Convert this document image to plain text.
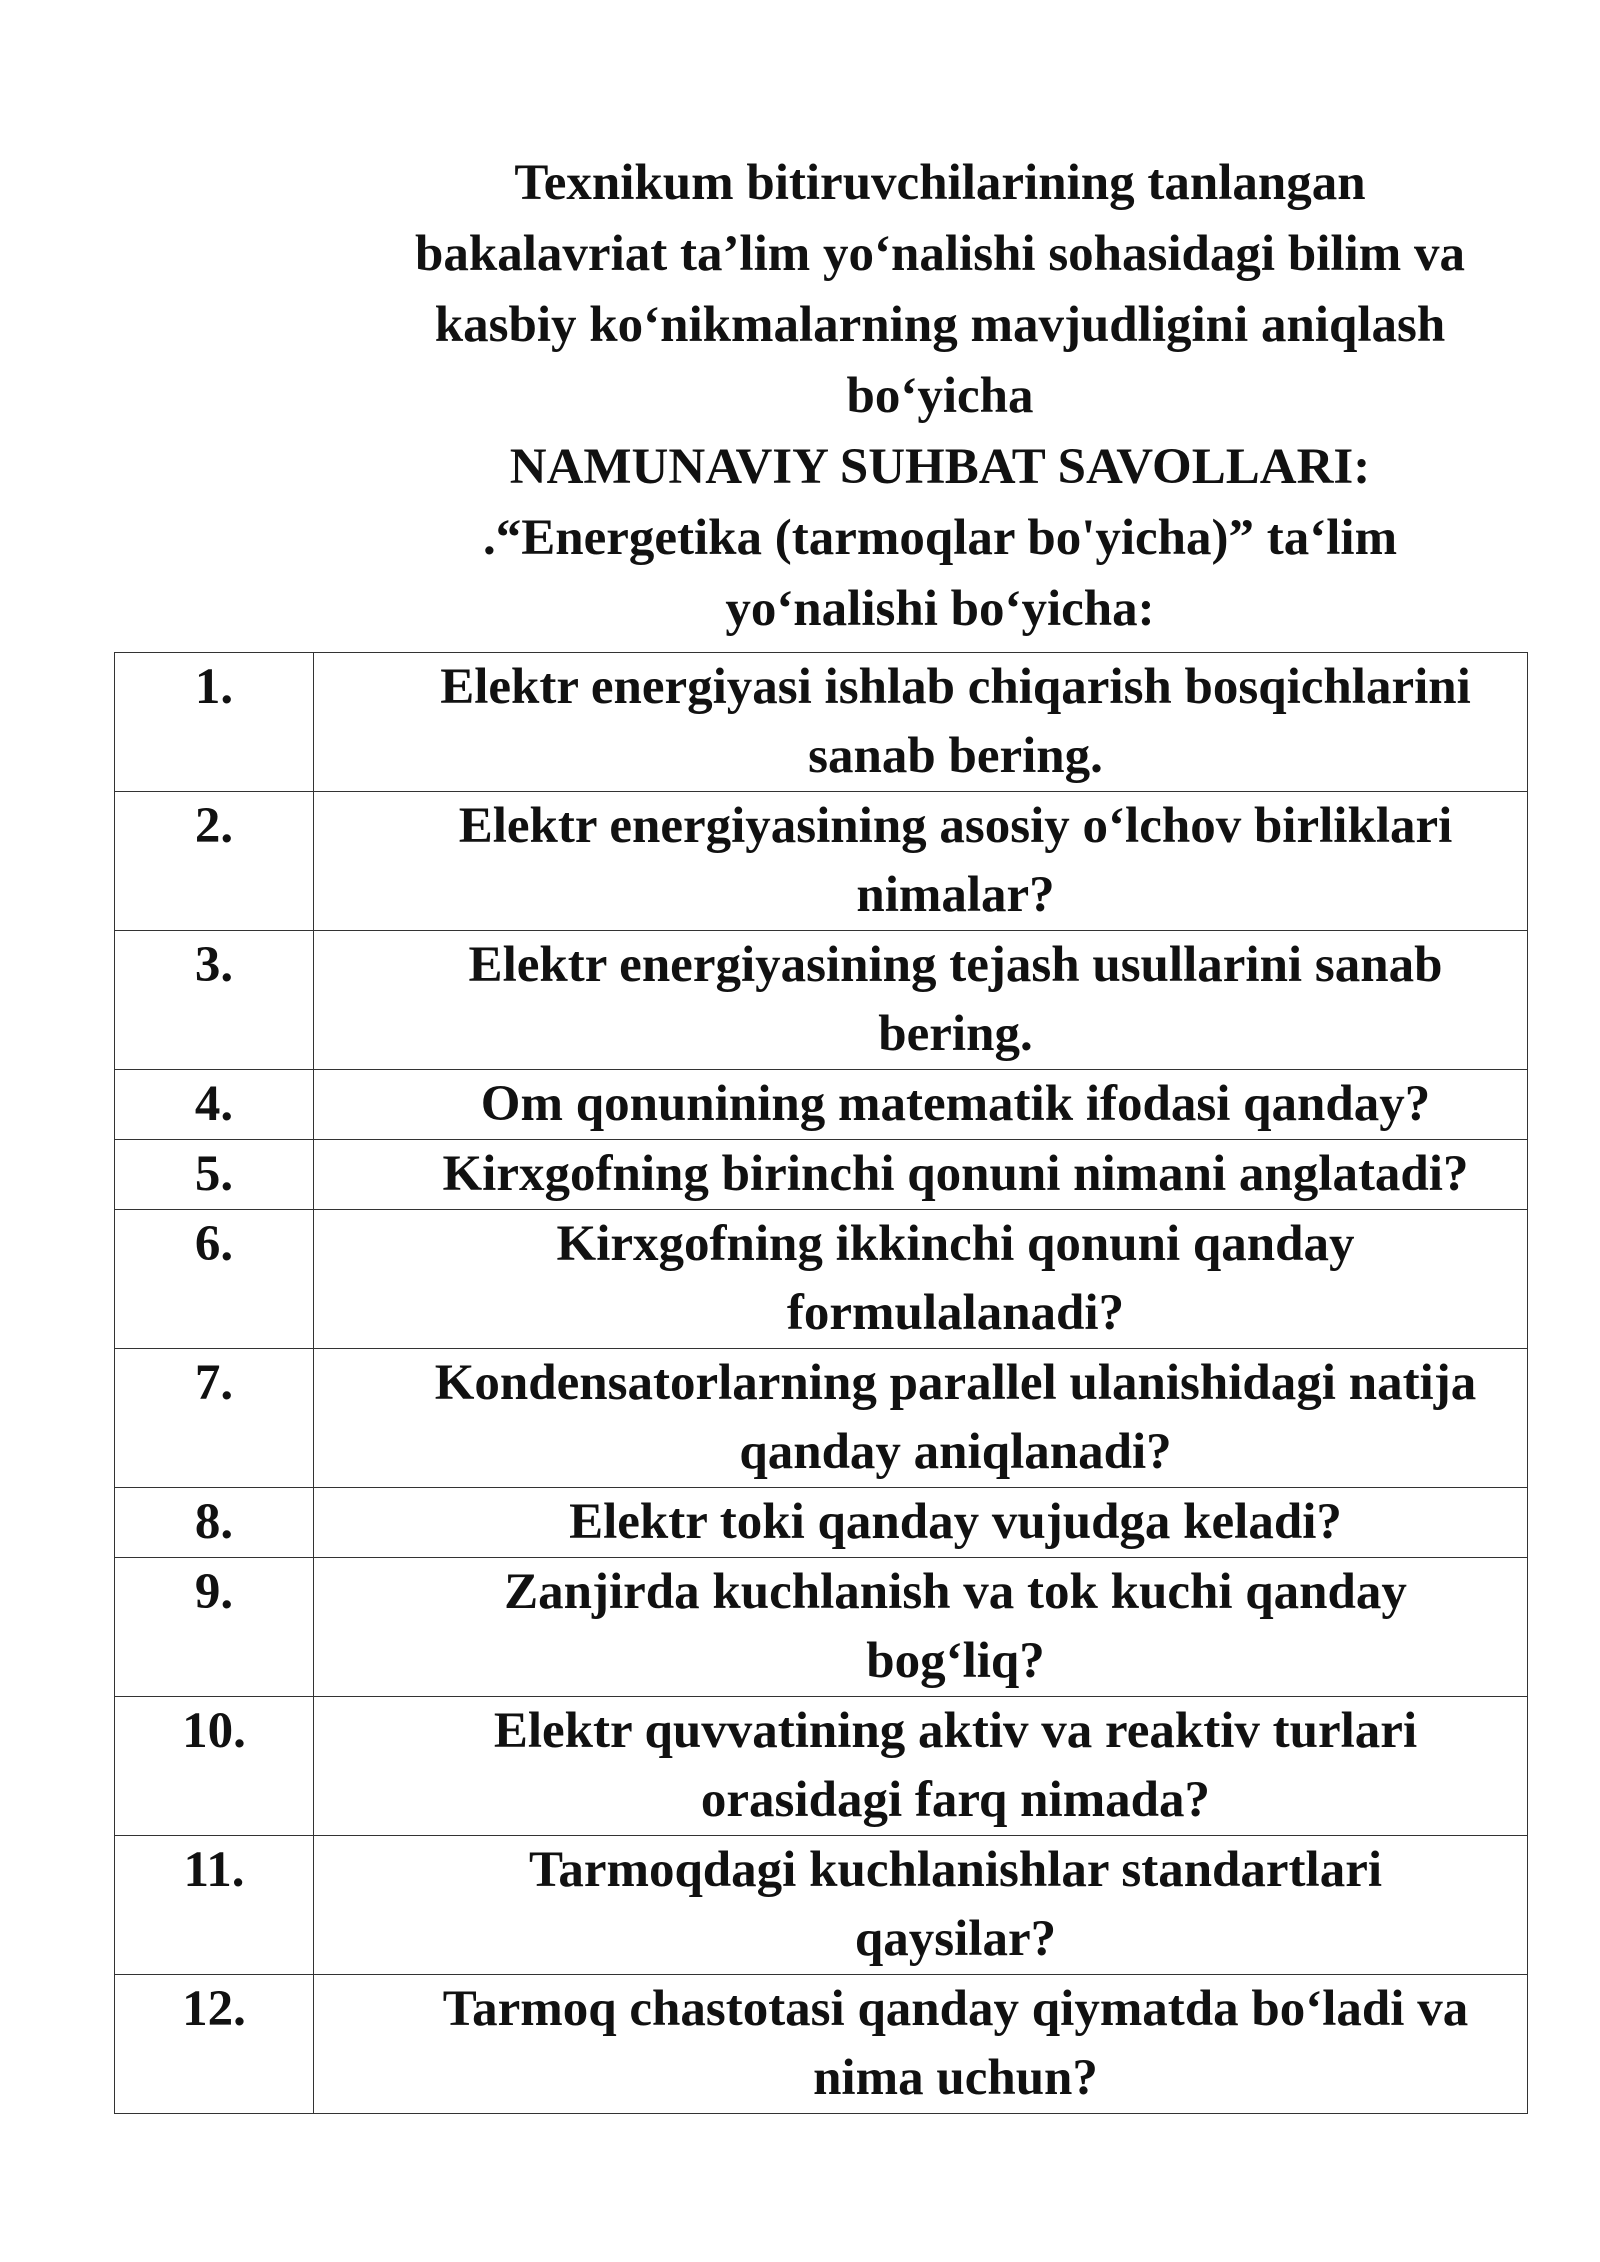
Texnikum bitiruvchilarining tanlangan
bakalavriat ta’lim yo‘nalishi sohasidagi bilim va
kasbiy ko‘nikmalarning mavjudligini aniqlash
bo‘yicha
NAMUNAVIY SUHBAT SAVOLLARI:
.“Energetika (tarmoqlar bo'yicha)” ta‘lim
yo‘nalishi bo‘yicha:
1.	Elektr energiyasi ishlab chiqarish bosqichlarini
sanab bering.

2.	Elektr energiyasining asosiy o‘lchov birliklari
nimalar?

3.	Elektr energiyasining tejash usullarini sanab
bering.

4.	Om qonunining matematik ifodasi qanday?

5.	Kirxgofning birinchi qonuni nimani anglatadi?

6.	Kirxgofning ikkinchi qonuni qanday
formulalanadi?

7.	Kondensatorlarning parallel ulanishidagi natija
qanday aniqlanadi?

8.	Elektr toki qanday vujudga keladi?

9.	Zanjirda kuchlanish va tok kuchi qanday
bog‘liq?

10.	Elektr quvvatining aktiv va reaktiv turlari
orasidagi farq nimada?

11.	Tarmoqdagi kuchlanishlar standartlari
qaysilar?

12.	Tarmoq chastotasi qanday qiymatda bo‘ladi va
nima uchun?
